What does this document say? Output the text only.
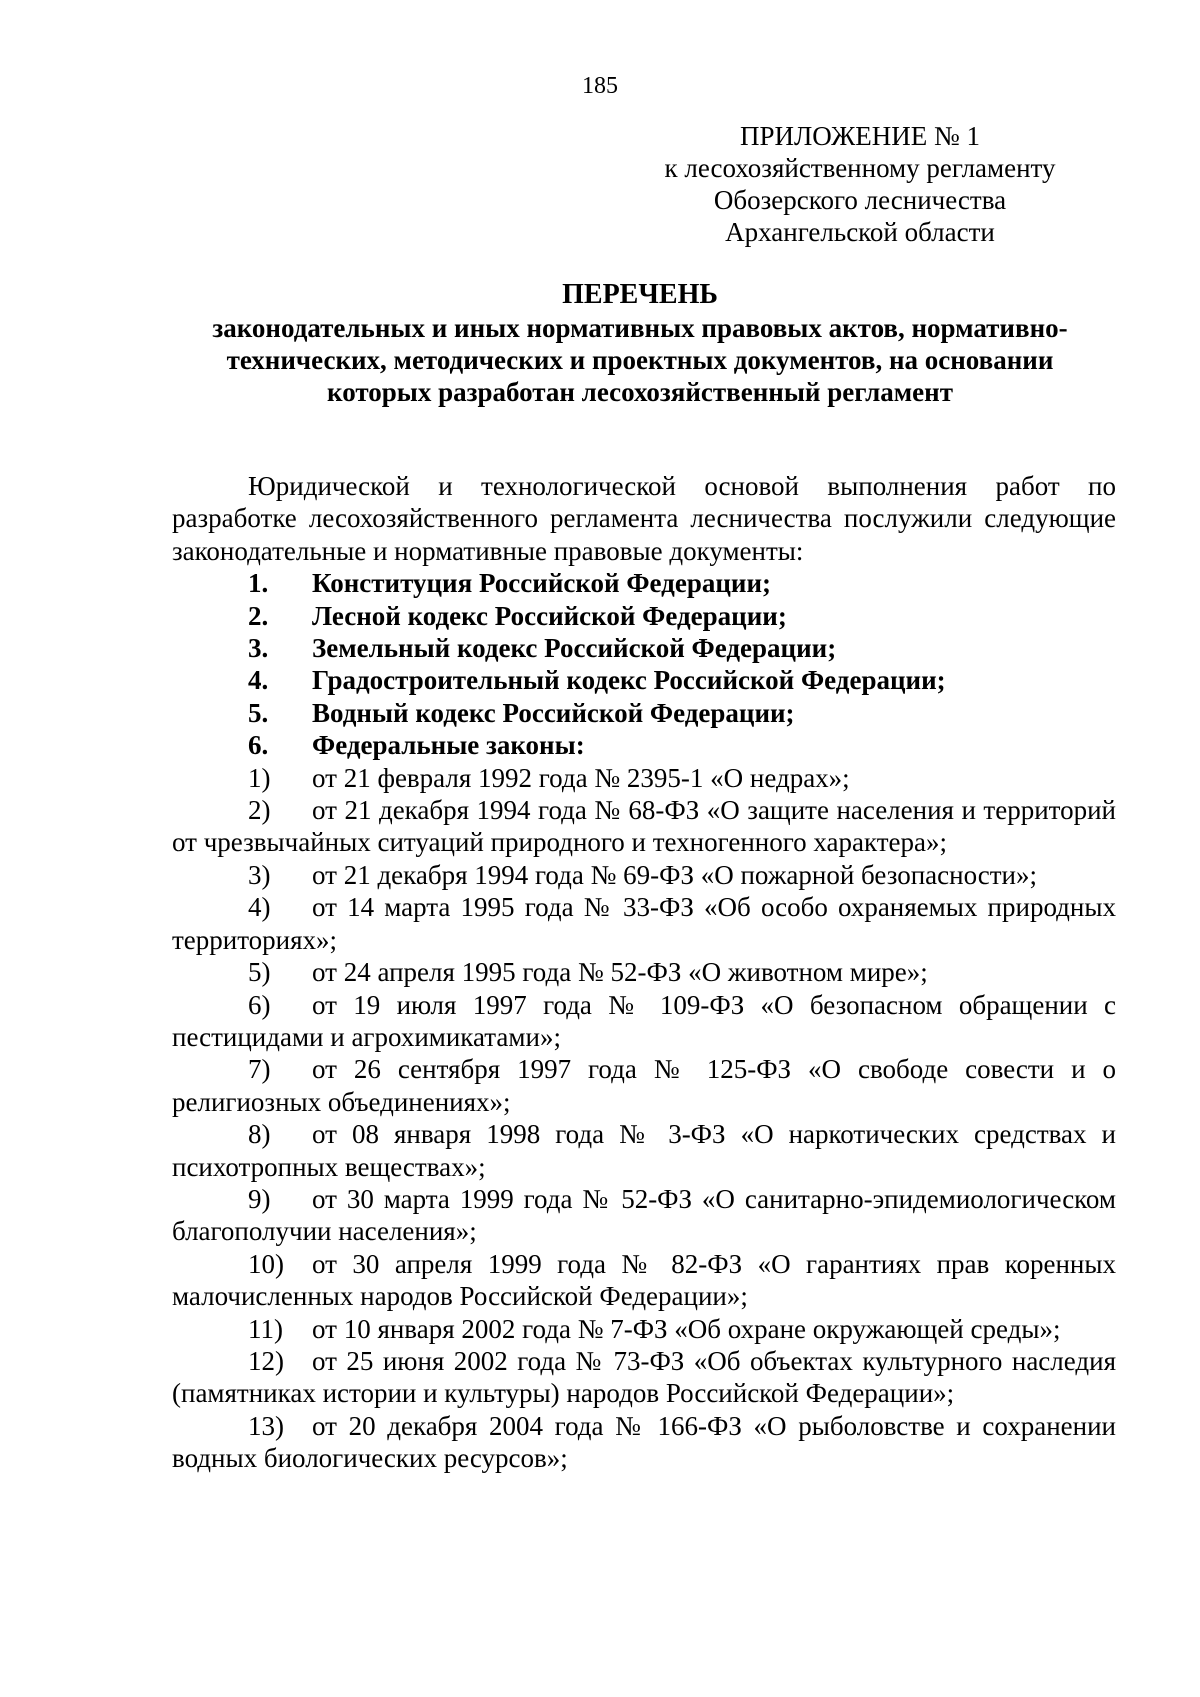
185
ПРИЛОЖЕНИЕ № 1
к лесохозяйственному регламенту
Обозерского лесничества
Архангельской области
ПЕРЕЧЕНЬ
законодательных и иных нормативных правовых актов, нормативно-
технических, методических и проектных документов, на основании
которых разработан лесохозяйственный регламент

Юридической и технологической основой выполнения работ по разработке лесохозяйственного регламента лесничества послужили следующие законодательные и нормативные правовые документы:

1. Конституция Российской Федерации;
2. Лесной кодекс Российской Федерации;
3. Земельный кодекс Российской Федерации;
4. Градостроительный кодекс Российской Федерации;
5. Водный кодекс Российской Федерации;
6. Федеральные законы:
1) от 21 февраля 1992 года № 2395-1 «О недрах»;
2) от 21 декабря 1994 года № 68-ФЗ «О защите населения и территорий от чрезвычайных ситуаций природного и техногенного характера»;
3) от 21 декабря 1994 года № 69-ФЗ «О пожарной безопасности»;
4) от 14 марта 1995 года № 33-ФЗ «Об особо охраняемых природных территориях»;
5) от 24 апреля 1995 года № 52-ФЗ «О животном мире»;
6) от 19 июля 1997 года № 109-ФЗ «О безопасном обращении с пестицидами и агрохимикатами»;
7) от 26 сентября 1997 года № 125-ФЗ «О свободе совести и о религиозных объединениях»;
8) от 08 января 1998 года № 3-ФЗ «О наркотических средствах и психотропных веществах»;
9) от 30 марта 1999 года № 52-ФЗ «О санитарно-эпидемиологическом благополучии населения»;
10) от 30 апреля 1999 года № 82-ФЗ «О гарантиях прав коренных малочисленных народов Российской Федерации»;
11) от 10 января 2002 года № 7-ФЗ «Об охране окружающей среды»;
12) от 25 июня 2002 года № 73-ФЗ «Об объектах культурного наследия (памятниках истории и культуры) народов Российской Федерации»;
13) от 20 декабря 2004 года № 166-ФЗ «О рыболовстве и сохранении водных биологических ресурсов»;
